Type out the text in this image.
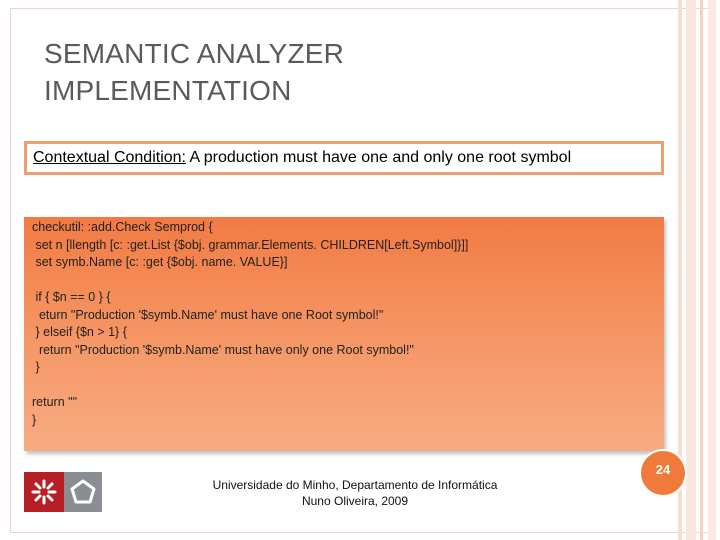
SEMANTIC ANALYZER
IMPLEMENTATION
Contextual Condition: A production must have one and only one root symbol
checkutil: :add.Check Semprod {
set n [llength [c: :get.List {$obj. grammar.Elements. CHILDREN[Left.Symbol]}]]
set symb.Name [c: :get {$obj. name. VALUE}]
if { $n == 0 } {
eturn "Production '$symb.Name' must have one Root symbol!"
} elseif {$n > 1} {
return "Production '$symb.Name' must have only one Root symbol!"
}
return ""
}
Universidade do Minho, Departamento de Informática
Nuno Oliveira, 2009
24
